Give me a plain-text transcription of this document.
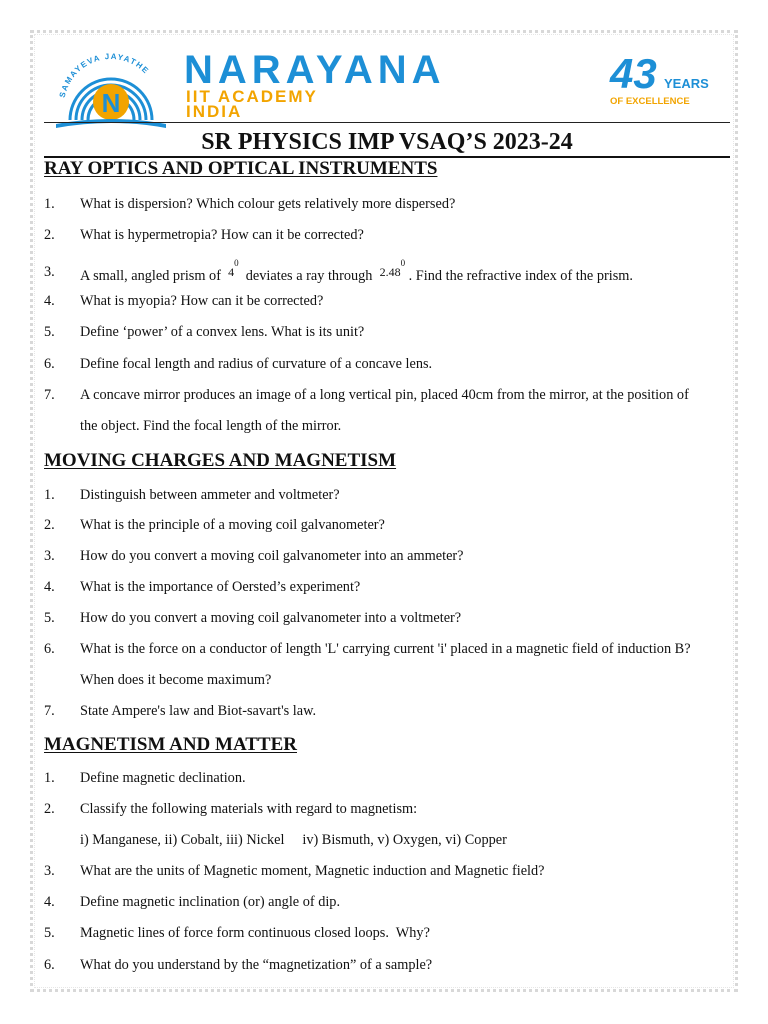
SAMAYEVA JAYATHE
N
NARAYANA
IIT ACADEMY
INDIA
43 YEARS
OF EXCELLENCE
SR PHYSICS IMP VSAQ’S 2023-24
RAY OPTICS AND OPTICAL INSTRUMENTS
1. What is dispersion? Which colour gets relatively more dispersed?
2. What is hypermetropia? How can it be corrected?
3. A small, angled prism of $^{4^0}$  deviates a ray through $^{2.48^0}$ . Find the refractive index of the prism.
4. What is myopia? How can it be corrected?
5. Define ‘power’ of a convex lens. What is its unit?
6. Define focal length and radius of curvature of a concave lens.
7. A concave mirror produces an image of a long vertical pin, placed 40cm from the mirror, at the position of
the object. Find the focal length of the mirror.
MOVING CHARGES AND MAGNETISM
1. Distinguish between ammeter and voltmeter?
2. What is the principle of a moving coil galvanometer?
3. How do you convert a moving coil galvanometer into an ammeter?
4. What is the importance of Oersted’s experiment?
5. How do you convert a moving coil galvanometer into a voltmeter?
6. What is the force on a conductor of length 'L' carrying current 'i' placed in a magnetic field of induction B?
When does it become maximum?
7. State Ampere's law and Biot-savart's law.
MAGNETISM AND MATTER
1. Define magnetic declination.
2. Classify the following materials with regard to magnetism:
i) Manganese, ii) Cobalt, iii) Nickel     iv) Bismuth, v) Oxygen, vi) Copper
3. What are the units of Magnetic moment, Magnetic induction and Magnetic field?
4. Define magnetic inclination (or) angle of dip.
5. Magnetic lines of force form continuous closed loops.  Why?
6. What do you understand by the “magnetization” of a sample?
